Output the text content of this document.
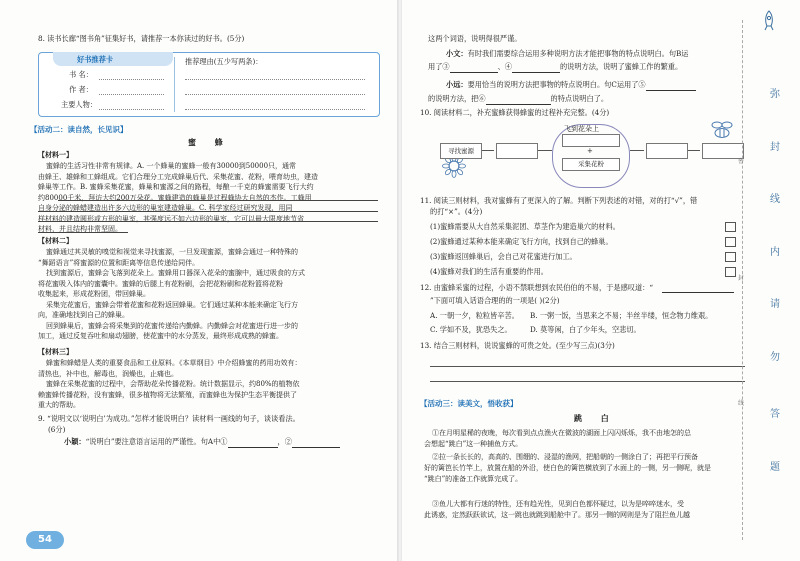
8. 读书长廊“图书角”征集好书，请推荐一本你读过的好书。(5分)
好书推荐卡
书 名：
作 者：
主要人物：
推荐理由(五少写两条)：
【活动二：读自然，长见识】
蜜 蜂
【材料一】
蜜蜂的生活习性非常有规律。A. 一个蜂巢的蜜蜂一般有30000到50000只，通常
由蜂王、雄蜂和工蜂组成。它们合理分工完成蜂巢后代、采集花蜜、花粉，喂育幼虫，建造
蜂巢等工作。B. 蜜蜂采集花蜜，蜂巢和蜜源之间的路程，每酿一千克的蜂蜜需要飞行大约
约80000千米，拜访大约200万朵花。蜜蜂建造的蜂巢是过程蜂协大自然的杰作。工蜂用
自身分泌的蜂蜡建造出许多六边形的巢室建造蜂巢。C. 科学家经过研究发现，用同
样材料的建造圆形或方形的巢室，其强度远不如六边形的巢室，它可以最大限度地节省
材料，并且结构非常坚固。
【材料二】
蜜蜂通过其灵敏的嗅觉和视觉来寻找蜜源，一旦发现蜜源，蜜蜂会通过一种特殊的
“舞蹈语言”将蜜源的位置和距离等信息传递给同伴。
找到蜜源后，蜜蜂会飞落到花朵上。蜜蜂用口器深入花朵的蜜腺中，通过吸食的方式
将花蜜吸入体内的蜜囊中。蜜蜂的后腿上有花粉刷，会把花粉刷和花粉篮将花粉
收集起来，形成花粉团，带回蜂巢。
采集完花蜜后，蜜蜂会带着花蜜和花粉返回蜂巢。它们通过某种本能来确定飞行方
向，准确地找到自己的蜂巢。
回到蜂巢后，蜜蜂会将采集到的花蜜传递给内勤蜂。内勤蜂会对花蜜进行进一步的
加工，通过反复吞吐和扇动翅膀，使花蜜中的水分蒸发，最终形成成熟的蜂蜜。
【材料三】
蜂蜜和蜂蜡是人类的重要食品和工业原料。《本草纲目》中介绍蜂蜜的药用功效有：
清热也，补中也，解毒也，润燥也，止痛也。
蜜蜂在采集花蜜的过程中，会帮助花朵传播花粉。统计数据显示，约80%的植物依
赖蜜蜂传播花粉，没有蜜蜂，很多植物将无法繁殖，而蜜蜂也为保护生态平衡提供了
重大的帮助。
9. “说明文以‘说明白’为成功。”怎样才能说明白？读材料一画线的句子，谈谈看法。
(6分)
小颖：“说明白”要注意语言运用的严谨性。句A中①	，②
54
这两个词语，说明得很严谨。
小文：有时我们需要综合运用多种说明方法才能把事物的特点说明白。句B运
用了③	、④	的说明方法，说明了蜜蜂工作的繁重。
小远：要用恰当的说明方法把事物的特点说明白。句C运用了⑤
的说明方法，把⑥	的特点说明白了。
10. 阅读材料二，补充蜜蜂获得蜂蜜的过程补充完整。(4分)
寻找蜜源
飞到花朵上
+
采集花粉
11. 阅读三则材料，我对蜜蜂有了更深入的了解。判断下列表述的对错，对的打“√”，错
的打“×”。(4分)
(1)蜜蜂需要从大自然采集泥团、草茎作为建造巢穴的材料。
(2)蜜蜂通过某种本能来确定飞行方向，找到自己的蜂巢。
(3)蜜蜂返回蜂巢后，会自己对花蜜进行加工。
(4)蜜蜂对我们的生活有重要的作用。
12. 由蜜蜂采蜜的过程，小语不禁联想到农民伯伯的不易，于是感叹道：“
”下面可填入话语合理的的一项是( )(2分)
A. 一朝一夕，粒粒皆辛苦。 B. 一粥一饭，当思来之不易；半丝半缕，恒念物力维艰。
C. 学如不及，犹恐失之。	D. 莫等闲，白了少年头，空悲切。
13. 结合三则材料，说说蜜蜂的可贵之处。(至少写三点)(3分)
【活动三：读美文，悟收获】
跳 白
①在月明星稀的夜晚，每次看到点点渔火在微波的湖面上闪闪烁烁，我不由地怎的总
会想起“跳白”这一种捕鱼方式。
②拉一条长长的，高高的、围绷的、浸湿的渔网，把船朝的一侧涂白了；再把平行预备
好的篱笆长竹竿上，放置在船的外沿，使白色的篱笆横放到了水面上的一侧，另一侧呢，就是
“跳白”的准备工作就算完成了。
③鱼儿大都有行迷的特性，还有趋光性，见到白色都怀疑过，以为是啐啐迷水，受
此诱惑，定然跃跃欲试，这一跳也就跳到船舱中了。那另一侧的网则是为了阻拦鱼儿越
密
封
线
弥
封
线
内
请
勿
答
题
